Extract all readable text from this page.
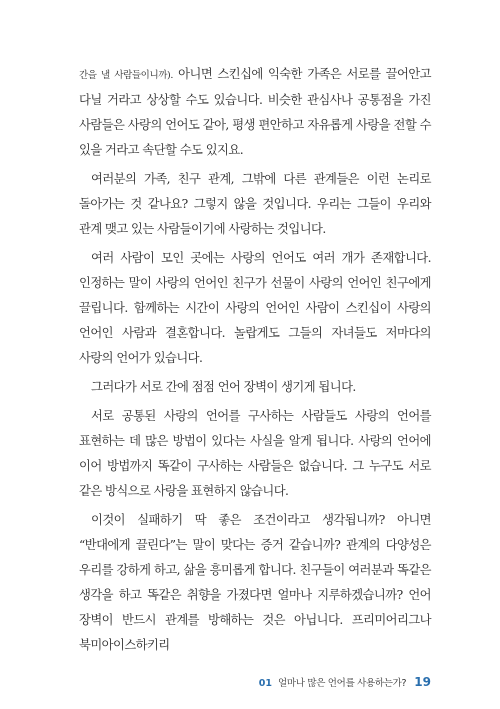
간을 낼 사람들이니까). 아니면 스킨십에 익숙한 가족은 서로를 끌어안고 다닐 거라고 상상할 수도 있습니다. 비슷한 관심사나 공통점을 가진 사람들은 사랑의 언어도 같아, 평생 편안하고 자유롭게 사랑을 전할 수 있을 거라고 속단할 수도 있지요.

여러분의 가족, 친구 관계, 그밖에 다른 관계들은 이런 논리로 돌아가는 것 같나요? 그렇지 않을 것입니다. 우리는 그들이 우리와 관계 맺고 있는 사람들이기에 사랑하는 것입니다.

여러 사람이 모인 곳에는 사랑의 언어도 여러 개가 존재합니다. 인정하는 말이 사랑의 언어인 친구가 선물이 사랑의 언어인 친구에게 끌립니다. 함께하는 시간이 사랑의 언어인 사람이 스킨십이 사랑의 언어인 사람과 결혼합니다. 놀랍게도 그들의 자녀들도 저마다의 사랑의 언어가 있습니다.

그러다가 서로 간에 점점 언어 장벽이 생기게 됩니다.

서로 공통된 사랑의 언어를 구사하는 사람들도 사랑의 언어를 표현하는 데 많은 방법이 있다는 사실을 알게 됩니다. 사랑의 언어에 이어 방법까지 똑같이 구사하는 사람들은 없습니다. 그 누구도 서로 같은 방식으로 사랑을 표현하지 않습니다.

이것이 실패하기 딱 좋은 조건이라고 생각됩니까? 아니면 “반대에게 끌린다”는 말이 맞다는 증거 같습니까? 관계의 다양성은 우리를 강하게 하고, 삶을 흥미롭게 합니다. 친구들이 여러분과 똑같은 생각을 하고 똑같은 취향을 가졌다면 얼마나 지루하겠습니까? 언어 장벽이 반드시 관계를 방해하는 것은 아닙니다. 프리미어리그나 북미아이스하키리

01 얼마나 많은 언어를 사용하는가? 19
